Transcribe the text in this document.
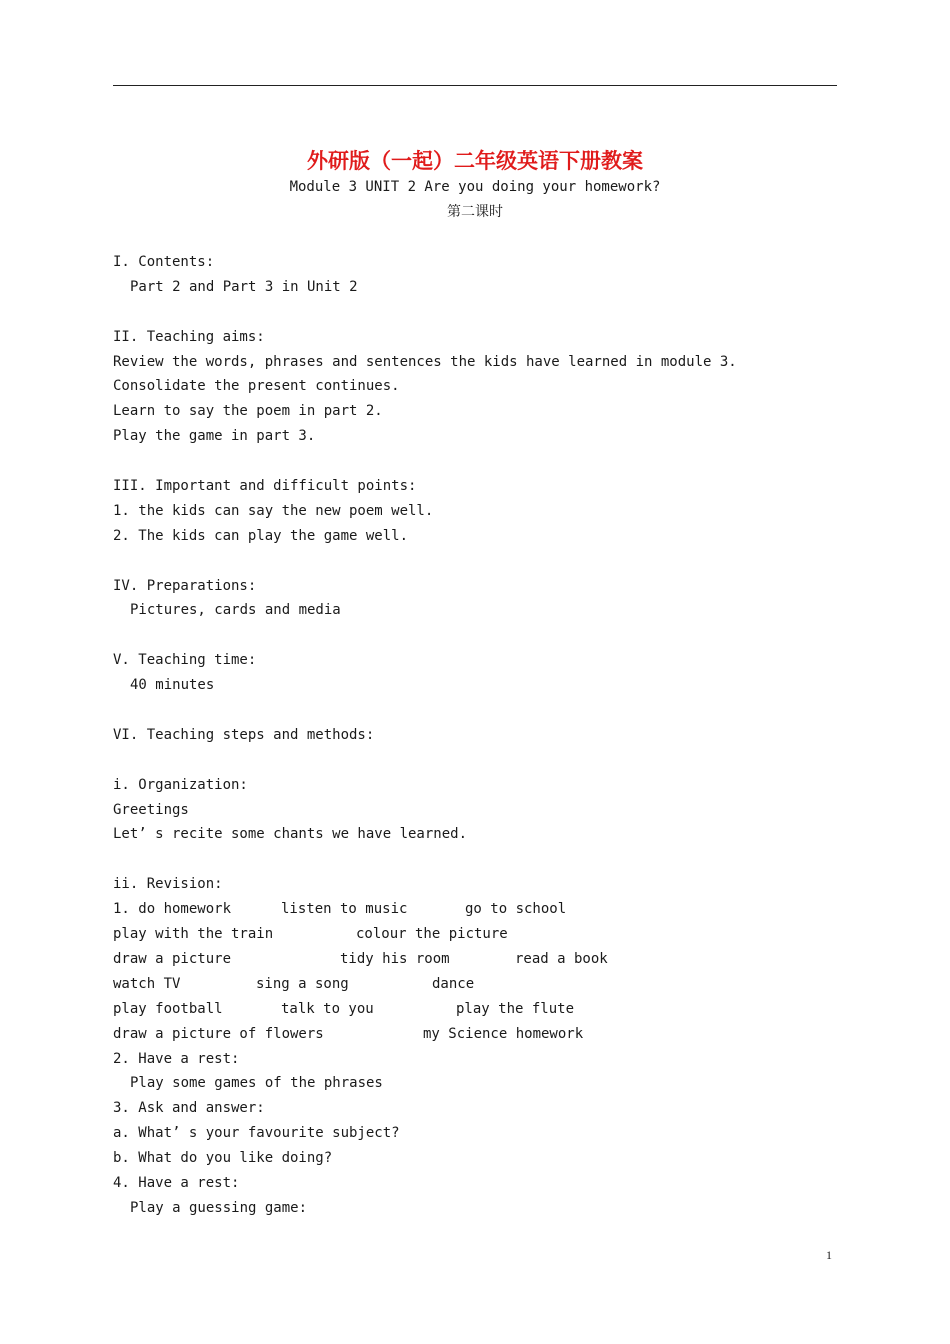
外研版（一起）二年级英语下册教案
Module 3 UNIT 2 Are you doing your homework?
第二课时
I. Contents:
Part 2 and Part 3 in Unit 2
II. Teaching aims:
Review the words, phrases and sentences the kids have learned in module 3.
Consolidate the present continues.
Learn to say the poem in part 2.
Play the game in part 3.
III. Important and difficult points:
1. the kids can say the new poem well.
2. The kids can play the game well.
IV. Preparations:
Pictures, cards and media
V. Teaching time:
40 minutes
VI. Teaching steps and methods:
i. Organization:
Greetings
Let’ s recite some chants we have learned.
ii. Revision:
1. do homework	listen to music	go to school
play with the train	colour the picture
draw a picture	tidy his room	read a book
watch TV	sing a song	dance
play football	talk to you	play the flute
draw a picture of flowers	my Science homework
2. Have a rest:
Play some games of the phrases
3. Ask and answer:
a. What’ s your favourite subject?
b. What do you like doing?
4. Have a rest:
Play a guessing game:
1
